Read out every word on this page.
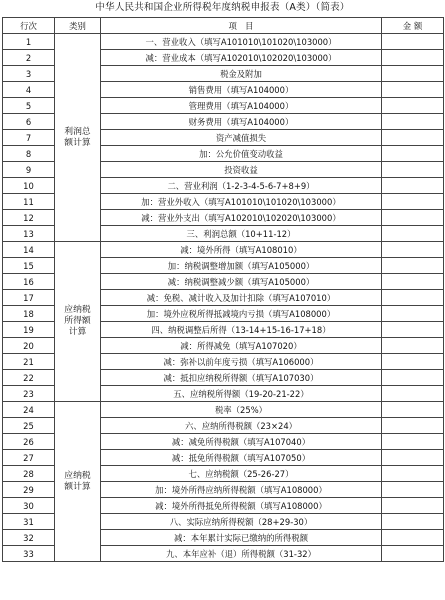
中华人民共和国企业所得税年度纳税申报表（A类）（简表）
行次	类别	项　目	金 额
1	利润总额计算	一、营业收入（填写A101010\101020\103000）	
2		减：营业成本（填写A102010\102020\103000）	
3		税金及附加	
4		销售费用（填写A104000）	
5		管理费用（填写A104000）	
6		财务费用（填写A104000）	
7		资产减值损失	
8		加：公允价值变动收益	
9		投资收益	
10		二、营业利润（1-2-3-4-5-6-7+8+9）	
11		加：营业外收入（填写A101010\101020\103000）	
12		减：营业外支出（填写A102010\102020\103000）	
13		三、利润总额（10+11-12）	
14	应纳税所得额计算	减：境外所得（填写A108010）	
15		加：纳税调整增加额（填写A105000）	
16		减：纳税调整减少额（填写A105000）	
17		减：免税、减计收入及加计扣除（填写A107010）	
18		加：境外应税所得抵减境内亏损（填写A108000）	
19		四、纳税调整后所得（13-14+15-16-17+18）	
20		减：所得减免（填写A107020）	
21		减：弥补以前年度亏损（填写A106000）	
22		减：抵扣应纳税所得额（填写A107030）	
23		五、应纳税所得额（19-20-21-22）	
24	应纳税额计算	税率（25%）	
25		六、应纳所得税额（23×24）	
26		减：减免所得税额（填写A107040）	
27		减：抵免所得税额（填写A107050）	
28		七、应纳税额（25-26-27）	
29		加：境外所得应纳所得税额（填写A108000）	
30		减：境外所得抵免所得税额（填写A108000）	
31		八、实际应纳所得税额（28+29-30）	
32		减：本年累计实际已缴纳的所得税额	
33		九、本年应补（退）所得税额（31-32）	
